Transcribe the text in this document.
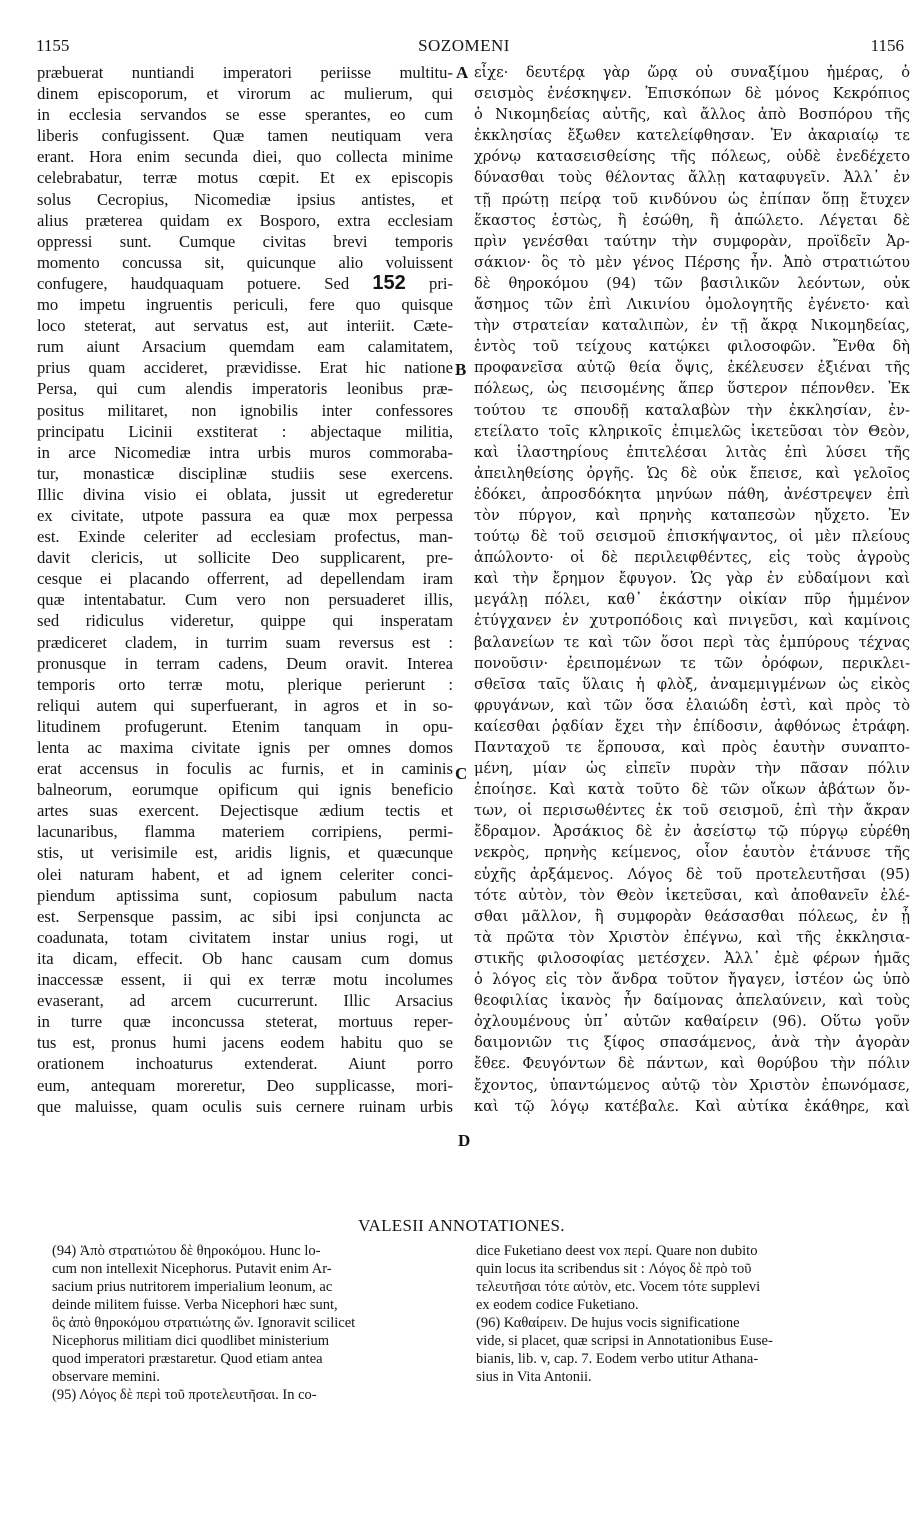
1155	SOZOMENI	1156
præbuerat nuntiandi imperatori periisse multitu-
dinem episcoporum, et virorum ac mulierum, qui
in ecclesia servandos se esse sperantes, eo cum
liberis confugissent. Quæ tamen neutiquam vera
erant. Hora enim secunda diei, quo collecta minime
celebrabatur, terræ motus cœpit. Et ex episcopis
solus Cecropius, Nicomediæ ipsius antistes, et
alius præterea quidam ex Bosporo, extra ecclesiam
oppressi sunt. Cumque civitas brevi temporis
momento concussa sit, quicunque alio voluissent
confugere, haudquaquam potuere. Sed 152 pri-
mo impetu ingruentis periculi, fere quo quisque
loco steterat, aut servatus est, aut interiit. Cæte-
rum aiunt Arsacium quemdam eam calamitatem,
prius quam accideret, prævidisse. Erat hic natione
Persa, qui cum alendis imperatoris leonibus præ-
positus militaret, non ignobilis inter confessores
principatu Licinii exstiterat : abjectaque militia,
in arce Nicomediæ intra urbis muros commoraba-
tur, monasticæ disciplinæ studiis sese exercens.
Illic divina visio ei oblata, jussit ut egrederetur
ex civitate, utpote passura ea quæ mox perpessa
est. Exinde celeriter ad ecclesiam profectus, man-
davit clericis, ut sollicite Deo supplicarent, pre-
cesque ei placando offerrent, ad depellendam iram
quæ intentabatur. Cum vero non persuaderet illis,
sed ridiculus videretur, quippe qui insperatam
prædiceret cladem, in turrim suam reversus est :
pronusque in terram cadens, Deum oravit. Interea
temporis orto terræ motu, plerique perierunt :
reliqui autem qui superfuerant, in agros et in so-
litudinem profugerunt. Etenim tanquam in opu-
lenta ac maxima civitate ignis per omnes domos
erat accensus in foculis ac furnis, et in caminis
balneorum, eorumque opificum qui ignis beneficio
artes suas exercent. Dejectisque ædium tectis et
lacunaribus, flamma materiem corripiens, permi-
stis, ut verisimile est, aridis lignis, et quæcunque
olei naturam habent, et ad ignem celeriter conci-
piendum aptissima sunt, copiosum pabulum nacta
est. Serpensque passim, ac sibi ipsi conjuncta ac
coadunata, totam civitatem instar unius rogi, ut
ita dicam, effecit. Ob hanc causam cum domus
inaccessæ essent, ii qui ex terræ motu incolumes
evaserant, ad arcem cucurrerunt. Illic Arsacius
in turre quæ inconcussa steterat, mortuus reper-
tus est, pronus humi jacens eodem habitu quo se
orationem inchoaturus extenderat. Aiunt porro
eum, antequam moreretur, Deo supplicasse, mori-
que maluisse, quam oculis suis cernere ruinam urbis
εἶχε· δευτέρᾳ γὰρ ὥρᾳ οὐ συναξίμου ἡμέρας, ὁ
σεισμὸς ἐνέσκηψεν. Ἐπισκόπων δὲ μόνος Κεκρόπιος
ὁ Νικομηδείας αὐτῆς, καὶ ἄλλος ἀπὸ Βοσπόρου τῆς
ἐκκλησίας ἔξωθεν κατελείφθησαν. Ἐν ἀκαριαίῳ τε
χρόνῳ κατασεισθείσης τῆς πόλεως, οὐδὲ ἐνεδέχετο
δύνασθαι τοὺς θέλοντας ἄλλῃ καταφυγεῖν. Ἀλλ᾽ ἐν
τῇ πρώτῃ πείρᾳ τοῦ κινδύνου ὡς ἐπίπαν ὅπῃ ἔτυχεν
ἕκαστος ἑστὼς, ἢ ἐσώθη, ἢ ἀπώλετο. Λέγεται δὲ
πρὶν γενέσθαι ταύτην τὴν συμφορὰν, προϊδεῖν Ἀρ-
σάκιον· ὃς τὸ μὲν γένος Πέρσης ἦν. Ἀπὸ στρατιώτου
δὲ θηροκόμου (94) τῶν βασιλικῶν λεόντων, οὐκ
ἄσημος τῶν ἐπὶ Λικινίου ὁμολογητῆς ἐγένετο· καὶ
τὴν στρατείαν καταλιπὼν, ἐν τῇ ἄκρᾳ Νικομηδείας,
ἐντὸς τοῦ τείχους κατῴκει φιλοσοφῶν. Ἔνθα δὴ
προφανεῖσα αὐτῷ θεία ὄψις, ἐκέλευσεν ἐξιέναι τῆς
πόλεως, ὡς πεισομένης ἅπερ ὕστερον πέπονθεν. Ἐκ
τούτου τε σπουδῇ καταλαβὼν τὴν ἐκκλησίαν, ἐν-
ετείλατο τοῖς κληρικοῖς ἐπιμελῶς ἱκετεῦσαι τὸν Θεὸν,
καὶ ἱλαστηρίους ἐπιτελέσαι λιτὰς ἐπὶ λύσει τῆς
ἀπειληθείσης ὀργῆς. Ὡς δὲ οὐκ ἔπεισε, καὶ γελοῖος
ἐδόκει, ἀπροσδόκητα μηνύων πάθη, ἀνέστρεψεν ἐπὶ
τὸν πύργον, καὶ πρηνὴς καταπεσὼν ηὔχετο. Ἐν
τούτῳ δὲ τοῦ σεισμοῦ ἐπισκήψαντος, οἱ μὲν πλείους
ἀπώλοντο· οἱ δὲ περιλειφθέντες, εἰς τοὺς ἀγροὺς
καὶ τὴν ἔρημον ἔφυγον. Ὡς γὰρ ἐν εὐδαίμονι καὶ
μεγάλῃ πόλει, καθ᾽ ἑκάστην οἰκίαν πῦρ ἡμμένον
ἐτύγχανεν ἐν χυτροπόδοις καὶ πνιγεῦσι, καὶ καμίνοις
βαλανείων τε καὶ τῶν ὅσοι περὶ τὰς ἐμπύρους τέχνας
πονοῦσιν· ἐρειπομένων τε τῶν ὀρόφων, περικλει-
σθεῖσα ταῖς ὕλαις ἡ φλὸξ, ἀναμεμιγμένων ὡς εἰκὸς
φρυγάνων, καὶ τῶν ὅσα ἐλαιώδη ἐστὶ, καὶ πρὸς τὸ
καίεσθαι ῥᾳδίαν ἔχει τὴν ἐπίδοσιν, ἀφθόνως ἐτράφη.
Πανταχοῦ τε ἕρπουσα, καὶ πρὸς ἑαυτὴν συναπτο-
μένη, μίαν ὡς εἰπεῖν πυρὰν τὴν πᾶσαν πόλιν
ἐποίησε. Καὶ κατὰ τοῦτο δὲ τῶν οἴκων ἀβάτων ὄν-
των, οἱ περισωθέντες ἐκ τοῦ σεισμοῦ, ἐπὶ τὴν ἄκραν
ἔδραμον. Ἀρσάκιος δὲ ἐν ἀσείστῳ τῷ πύργῳ εὑρέθη
νεκρὸς, πρηνὴς κείμενος, οἷον ἑαυτὸν ἐτάνυσε τῆς
εὐχῆς ἀρξάμενος. Λόγος δὲ τοῦ προτελευτῆσαι (95)
τότε αὐτὸν, τὸν Θεὸν ἱκετεῦσαι, καὶ ἀποθανεῖν ἑλέ-
σθαι μᾶλλον, ἢ συμφορὰν θεάσασθαι πόλεως, ἐν ᾗ
τὰ πρῶτα τὸν Χριστὸν ἐπέγνω, καὶ τῆς ἐκκλησια-
στικῆς φιλοσοφίας μετέσχεν. Ἀλλ᾽ ἐμὲ φέρων ἡμᾶς
ὁ λόγος εἰς τὸν ἄνδρα τοῦτον ἤγαγεν, ἰστέον ὡς ὑπὸ
θεοφιλίας ἱκανὸς ἦν δαίμονας ἀπελαύνειν, καὶ τοὺς
ὀχλουμένους ὑπ᾽ αὐτῶν καθαίρειν (96). Οὕτω γοῦν
δαιμονιῶν τις ξίφος σπασάμενος, ἀνὰ τὴν ἀγορὰν
ἔθεε. Φευγόντων δὲ πάντων, καὶ θορύβου τὴν πόλιν
ἔχοντος, ὑπαντώμενος αὐτῷ τὸν Χριστὸν ἐπωνόμασε,
καὶ τῷ λόγῳ κατέβαλε. Καὶ αὐτίκα ἐκάθηρε, καὶ
A
B
C
D
VALESII ANNOTATIONES.
(94) Ἀπὸ στρατιώτου δὲ θηροκόμου. Hunc lo-
cum non intellexit Nicephorus. Putavit enim Ar-
sacium prius nutritorem imperialium leonum, ac
deinde militem fuisse. Verba Nicephori hæc sunt,
ὃς ἀπὸ θηροκόμου στρατιώτης ὤν. Ignoravit scilicet
Nicephorus militiam dici quodlibet ministerium
quod imperatori præstaretur. Quod etiam antea
observare memini.
(95) Λόγος δὲ περὶ τοῦ προτελευτῆσαι. In co-
dice Fuketiano deest vox περί. Quare non dubito
quin locus ita scribendus sit : Λόγος δὲ πρὸ τοῦ
τελευτῆσαι τότε αὐτὸν, etc. Vocem τότε supplevi
ex eodem codice Fuketiano.
(96) Καθαίρειν. De hujus vocis significatione
vide, si placet, quæ scripsi in Annotationibus Euse-
bianis, lib. v, cap. 7. Eodem verbo utitur Athana-
sius in Vita Antonii.
